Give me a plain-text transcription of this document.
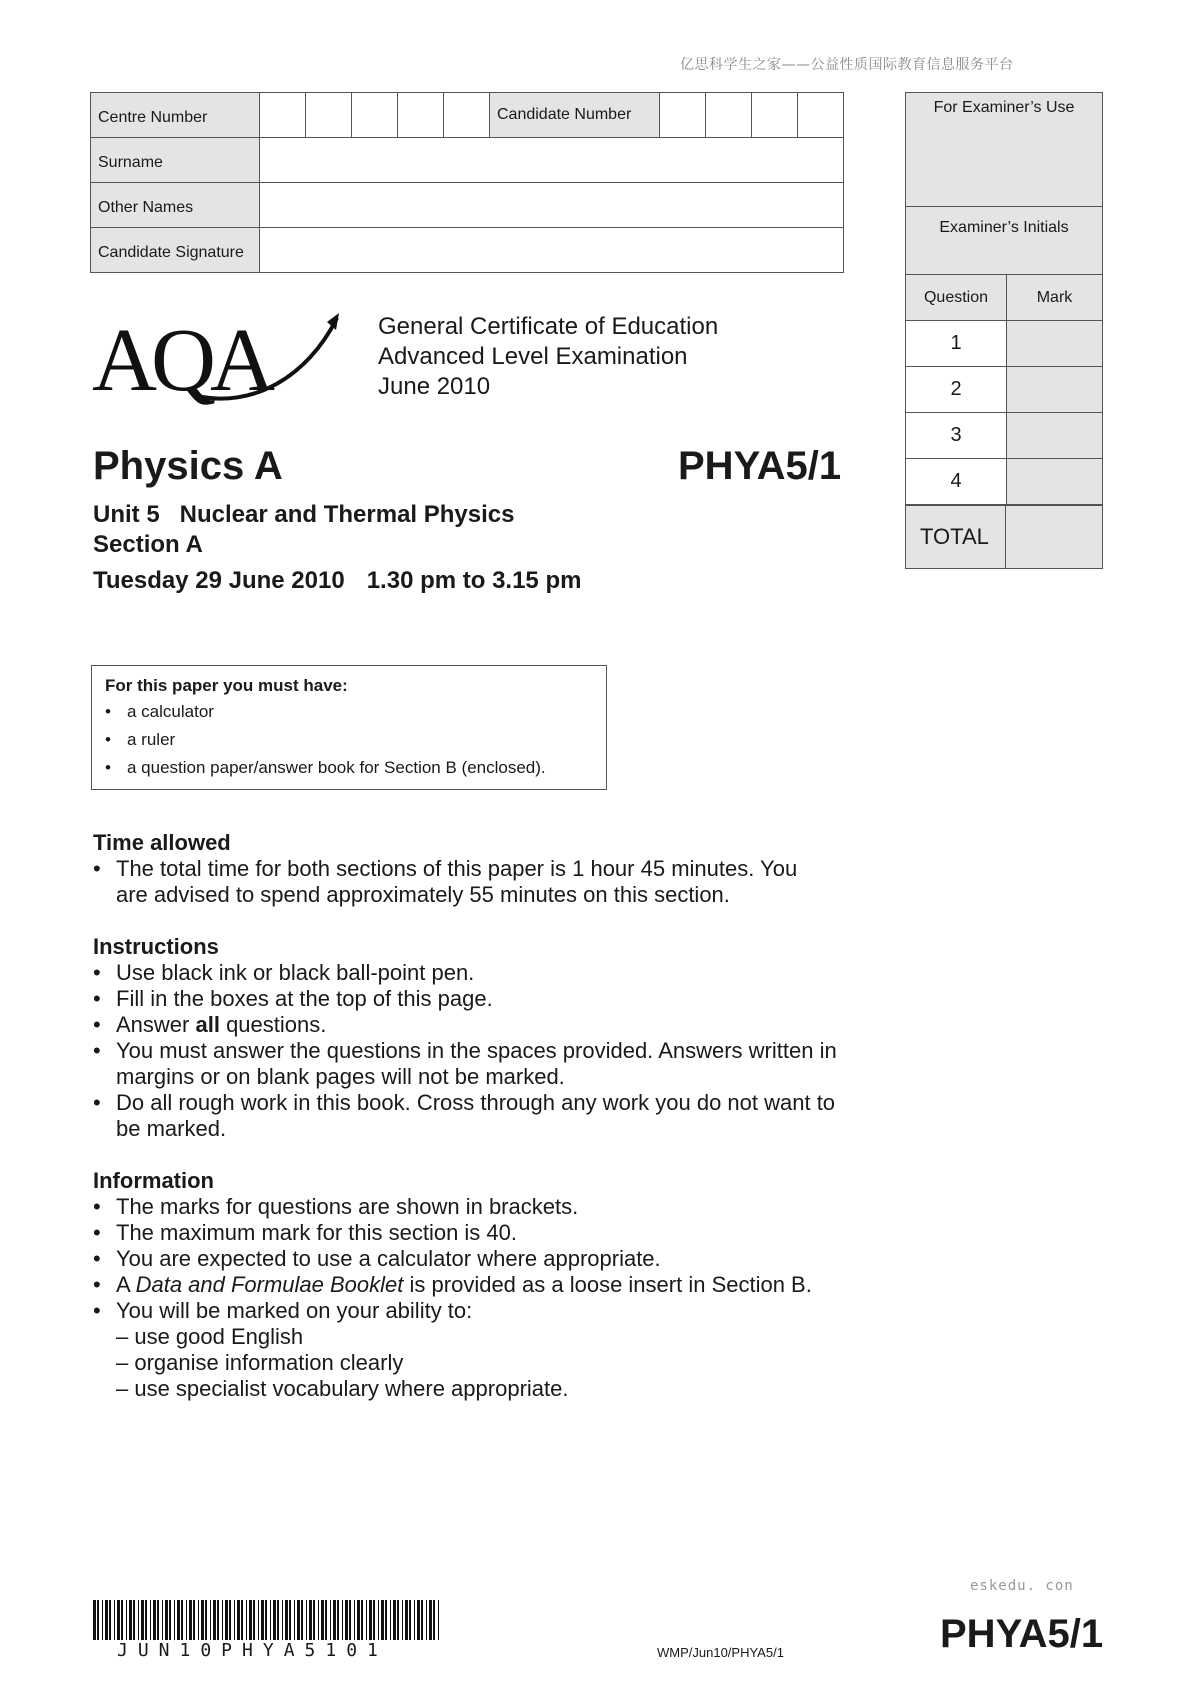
亿思科学生之家——公益性质国际教育信息服务平台
Centre Number						Candidate Number				
Surname										
Other Names										
Candidate Signature										
For Examiner’s Use
Examiner’s Initials
Question	Mark
1
2
3
4
TOTAL
AQA	General Certificate of Education
Advanced Level Examination
June 2010
Physics A	PHYA5/1
Unit 5 Nuclear and Thermal Physics
Section A
Tuesday 29 June 2010 1.30 pm to 3.15 pm
For this paper you must have:
• a calculator
• a ruler
• a question paper/answer book for Section B (enclosed).
Time allowed
• The total time for both sections of this paper is 1 hour 45 minutes. You are advised to spend approximately 55 minutes on this section.
Instructions
• Use black ink or black ball-point pen.
• Fill in the boxes at the top of this page.
• Answer all questions.
• You must answer the questions in the spaces provided. Answers written in margins or on blank pages will not be marked.
• Do all rough work in this book. Cross through any work you do not want to be marked.
Information
• The marks for questions are shown in brackets.
• The maximum mark for this section is 40.
• You are expected to use a calculator where appropriate.
• A Data and Formulae Booklet is provided as a loose insert in Section B.
• You will be marked on your ability to:
– use good English
– organise information clearly
– use specialist vocabulary where appropriate.
eskedu. con
JUN10PHYA5101	WMP/Jun10/PHYA5/1	PHYA5/1
